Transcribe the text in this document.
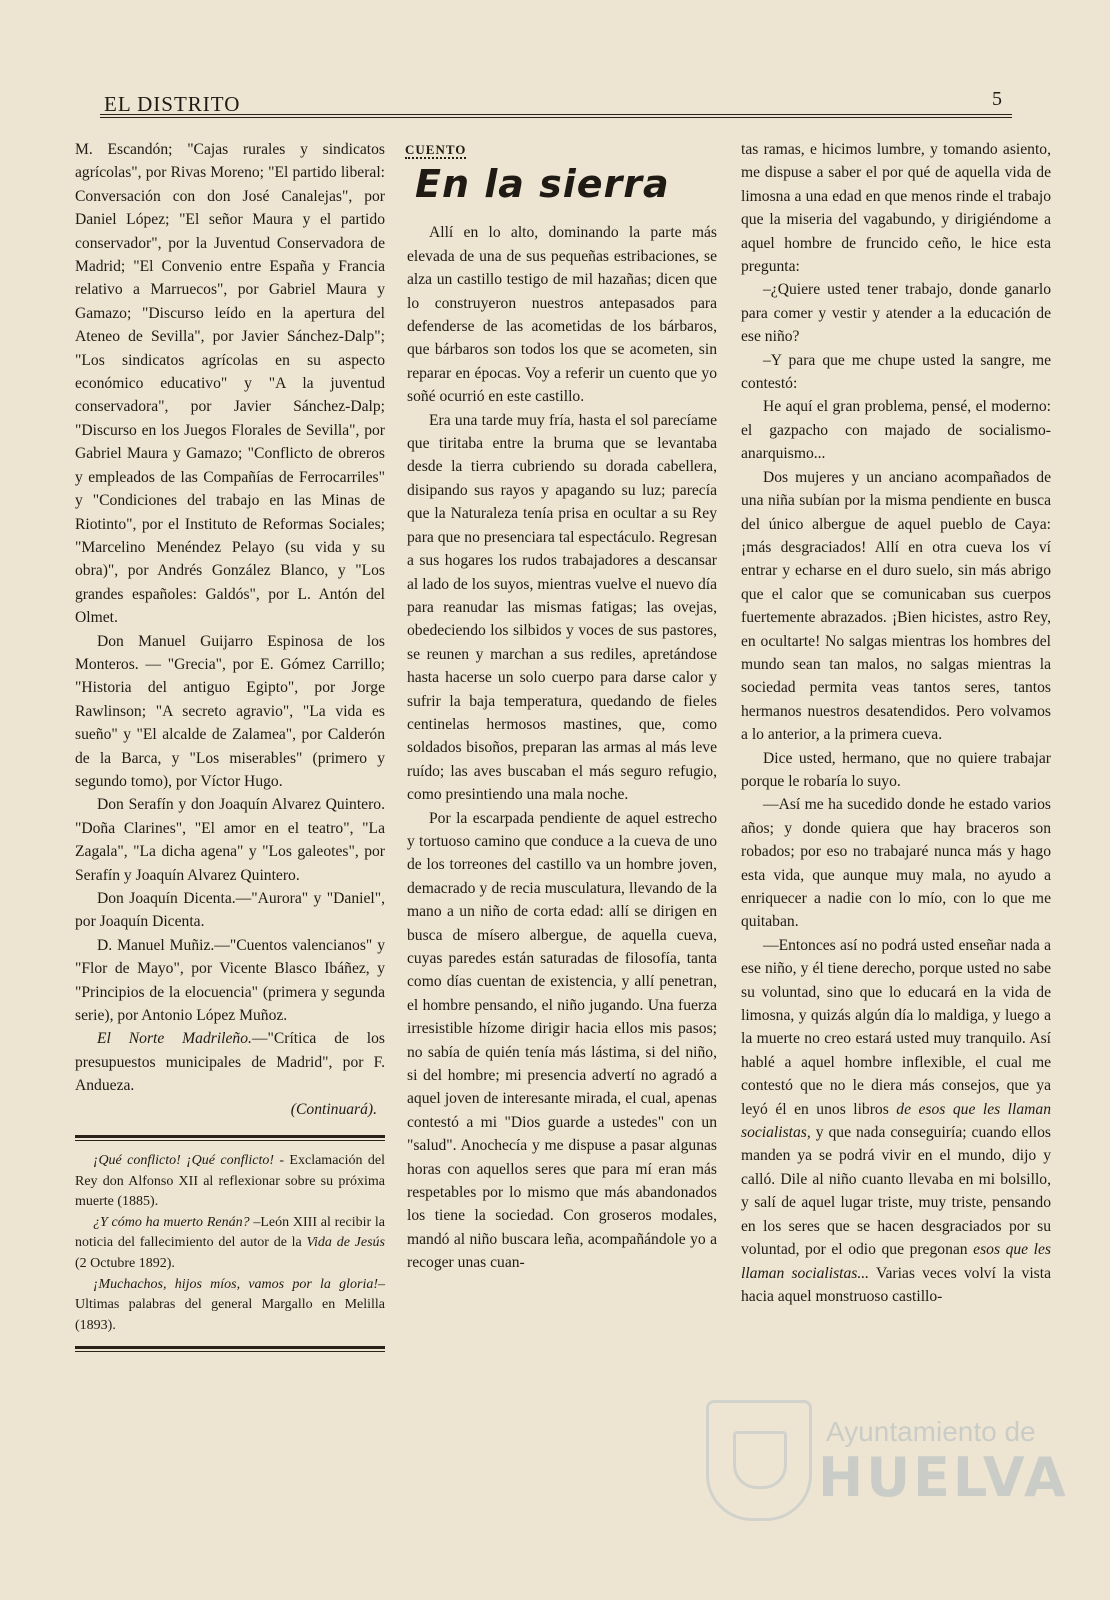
EL DISTRITO	5

M. Escandón; "Cajas rurales y sindicatos agrícolas", por Rivas Moreno; "El partido liberal: Conversación con don José Canalejas", por Daniel López; "El señor Maura y el partido conservador", por la Juventud Conservadora de Madrid; "El Convenio entre España y Francia relativo a Marruecos", por Gabriel Maura y Gamazo; "Discurso leído en la apertura del Ateneo de Sevilla", por Javier Sánchez-Dalp"; "Los sindicatos agrícolas en su aspecto económico educativo" y "A la juventud conservadora", por Javier Sánchez-Dalp; "Discurso en los Juegos Florales de Sevilla", por Gabriel Maura y Gamazo; "Conflicto de obreros y empleados de las Compañías de Ferrocarriles" y "Condiciones del trabajo en las Minas de Riotinto", por el Instituto de Reformas Sociales; "Marcelino Menéndez Pelayo (su vida y su obra)", por Andrés González Blanco, y "Los grandes españoles: Galdós", por L. Antón del Olmet.

Don Manuel Guijarro Espinosa de los Monteros. — "Grecia", por E. Gómez Carrillo; "Historia del antiguo Egipto", por Jorge Rawlinson; "A secreto agravio", "La vida es sueño" y "El alcalde de Zalamea", por Calderón de la Barca, y "Los miserables" (primero y segundo tomo), por Víctor Hugo.

Don Serafín y don Joaquín Alvarez Quintero. "Doña Clarines", "El amor en el teatro", "La Zagala", "La dicha agena" y "Los galeotes", por Serafín y Joaquín Alvarez Quintero.

Don Joaquín Dicenta.—"Aurora" y "Daniel", por Joaquín Dicenta.

D. Manuel Muñiz.—"Cuentos valencianos" y "Flor de Mayo", por Vicente Blasco Ibáñez, y "Principios de la elocuencia" (primera y segunda serie), por Antonio López Muñoz.

El Norte Madrileño.—"Crítica de los presupuestos municipales de Madrid", por F. Andueza.

(Continuará).

¡Qué conflicto! ¡Qué conflicto! - Exclamación del Rey don Alfonso XII al reflexionar sobre su próxima muerte (1885).

¿Y cómo ha muerto Renán? –León XIII al recibir la noticia del fallecimiento del autor de la Vida de Jesús (2 Octubre 1892).

¡Muchachos, hijos míos, vamos por la gloria!– Ultimas palabras del general Margallo en Melilla (1893).

CUENTO
En la sierra

Allí en lo alto, dominando la parte más elevada de una de sus pequeñas estribaciones, se alza un castillo testigo de mil hazañas; dicen que lo construyeron nuestros antepasados para defenderse de las acometidas de los bárbaros, que bárbaros son todos los que se acometen, sin reparar en épocas. Voy a referir un cuento que yo soñé ocurrió en este castillo.

Era una tarde muy fría, hasta el sol parecíame que tiritaba entre la bruma que se levantaba desde la tierra cubriendo su dorada cabellera, disipando sus rayos y apagando su luz; parecía que la Naturaleza tenía prisa en ocultar a su Rey para que no presenciara tal espectáculo. Regresan a sus hogares los rudos trabajadores a descansar al lado de los suyos, mientras vuelve el nuevo día para reanudar las mismas fatigas; las ovejas, obedeciendo los silbidos y voces de sus pastores, se reunen y marchan a sus rediles, apretándose hasta hacerse un solo cuerpo para darse calor y sufrir la baja temperatura, quedando de fieles centinelas hermosos mastines, que, como soldados bisoños, preparan las armas al más leve ruído; las aves buscaban el más seguro refugio, como presintiendo una mala noche.

Por la escarpada pendiente de aquel estrecho y tortuoso camino que conduce a la cueva de uno de los torreones del castillo va un hombre joven, demacrado y de recia musculatura, llevando de la mano a un niño de corta edad: allí se dirigen en busca de mísero albergue, de aquella cueva, cuyas paredes están saturadas de filosofía, tanta como días cuentan de existencia, y allí penetran, el hombre pensando, el niño jugando. Una fuerza irresistible hízome dirigir hacia ellos mis pasos; no sabía de quién tenía más lástima, si del niño, si del hombre; mi presencia advertí no agradó a aquel joven de interesante mirada, el cual, apenas contestó a mi "Dios guarde a ustedes" con un "salud". Anochecía y me dispuse a pasar algunas horas con aquellos seres que para mí eran más respetables por lo mismo que más abandonados los tiene la sociedad. Con groseros modales, mandó al niño buscara leña, acompañándole yo a recoger unas cuan-

tas ramas, e hicimos lumbre, y tomando asiento, me dispuse a saber el por qué de aquella vida de limosna a una edad en que menos rinde el trabajo que la miseria del vagabundo, y dirigiéndome a aquel hombre de fruncido ceño, le hice esta pregunta:

–¿Quiere usted tener trabajo, donde ganarlo para comer y vestir y atender a la educación de ese niño?

–Y para que me chupe usted la sangre, me contestó:

He aquí el gran problema, pensé, el moderno: el gazpacho con majado de socialismo-anarquismo...

Dos mujeres y un anciano acompañados de una niña subían por la misma pendiente en busca del único albergue de aquel pueblo de Caya: ¡más desgraciados! Allí en otra cueva los ví entrar y echarse en el duro suelo, sin más abrigo que el calor que se comunicaban sus cuerpos fuertemente abrazados. ¡Bien hicistes, astro Rey, en ocultarte! No salgas mientras los hombres del mundo sean tan malos, no salgas mientras la sociedad permita veas tantos seres, tantos hermanos nuestros desatendidos. Pero volvamos a lo anterior, a la primera cueva.

Dice usted, hermano, que no quiere trabajar porque le robaría lo suyo.

—Así me ha sucedido donde he estado varios años; y donde quiera que hay braceros son robados; por eso no trabajaré nunca más y hago esta vida, que aunque muy mala, no ayudo a enriquecer a nadie con lo mío, con lo que me quitaban.

—Entonces así no podrá usted enseñar nada a ese niño, y él tiene derecho, porque usted no sabe su voluntad, sino que lo educará en la vida de limosna, y quizás algún día lo maldiga, y luego a la muerte no creo estará usted muy tranquilo. Así hablé a aquel hombre inflexible, el cual me contestó que no le diera más consejos, que ya leyó él en unos libros de esos que les llaman socialistas, y que nada conseguiría; cuando ellos manden ya se podrá vivir en el mundo, dijo y calló. Dile al niño cuanto llevaba en mi bolsillo, y salí de aquel lugar triste, muy triste, pensando en los seres que se hacen desgraciados por su voluntad, por el odio que pregonan esos que les llaman socialistas... Varias veces volví la vista hacia aquel monstruoso castillo-

Ayuntamiento de
HUELVA
